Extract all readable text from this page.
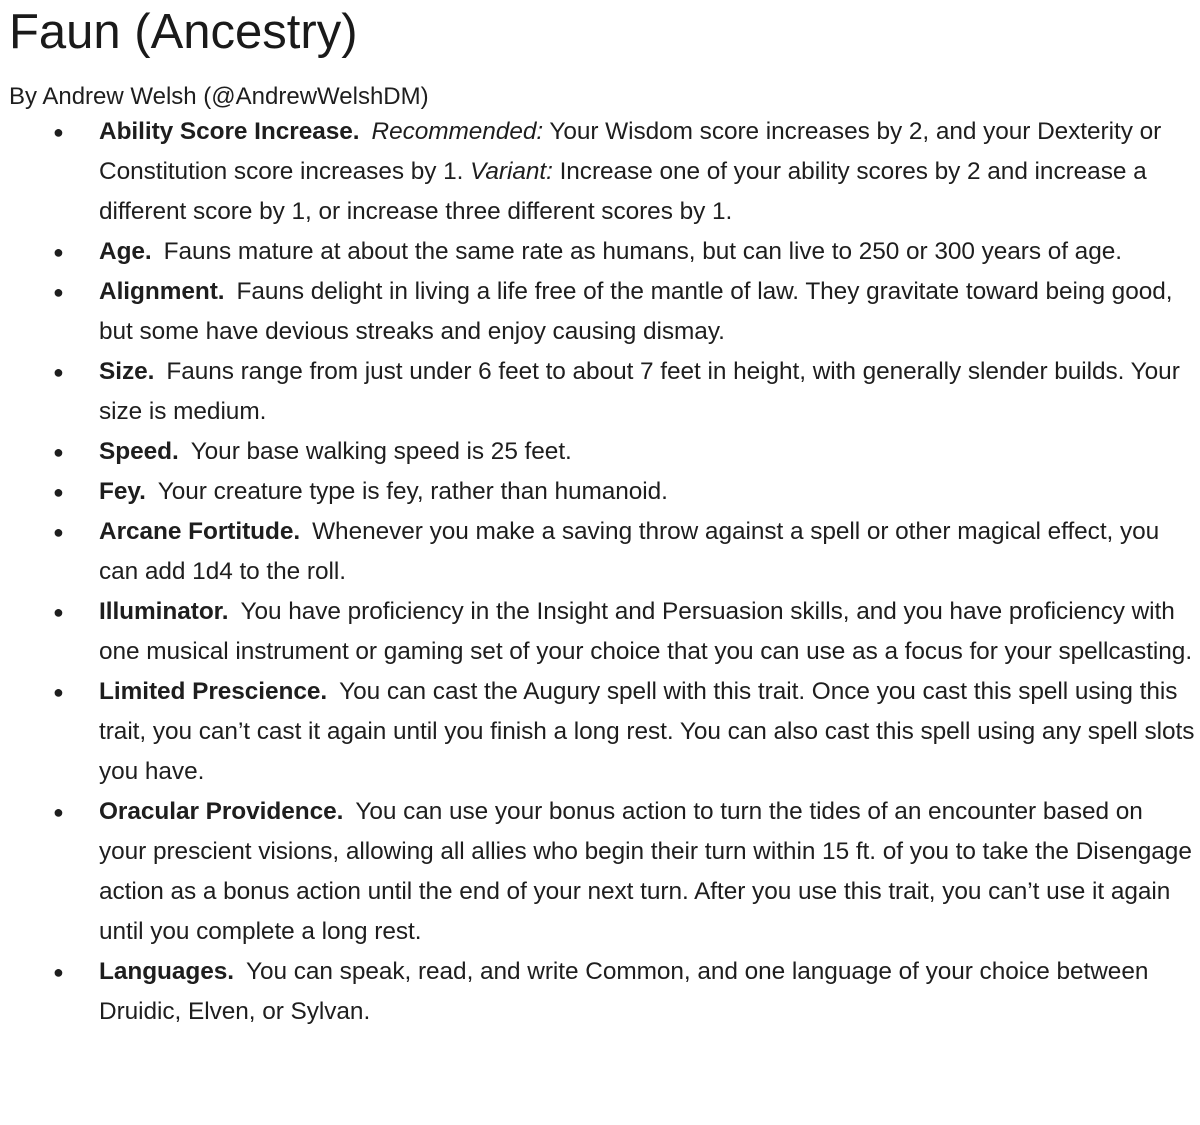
Faun (Ancestry)
By Andrew Welsh (@AndrewWelshDM)
● Ability Score Increase. Recommended: Your Wisdom score increases by 2, and your Dexterity or Constitution score increases by 1. Variant: Increase one of your ability scores by 2 and increase a different score by 1, or increase three different scores by 1.
● Age. Fauns mature at about the same rate as humans, but can live to 250 or 300 years of age.
● Alignment. Fauns delight in living a life free of the mantle of law. They gravitate toward being good, but some have devious streaks and enjoy causing dismay.
● Size. Fauns range from just under 6 feet to about 7 feet in height, with generally slender builds. Your size is medium.
● Speed. Your base walking speed is 25 feet.
● Fey. Your creature type is fey, rather than humanoid.
● Arcane Fortitude. Whenever you make a saving throw against a spell or other magical effect, you can add 1d4 to the roll.
● Illuminator. You have proficiency in the Insight and Persuasion skills, and you have proficiency with one musical instrument or gaming set of your choice that you can use as a focus for your spellcasting.
● Limited Prescience. You can cast the Augury spell with this trait. Once you cast this spell using this trait, you can’t cast it again until you finish a long rest. You can also cast this spell using any spell slots you have.
● Oracular Providence. You can use your bonus action to turn the tides of an encounter based on your prescient visions, allowing all allies who begin their turn within 15 ft. of you to take the Disengage action as a bonus action until the end of your next turn. After you use this trait, you can’t use it again until you complete a long rest.
● Languages. You can speak, read, and write Common, and one language of your choice between Druidic, Elven, or Sylvan.
